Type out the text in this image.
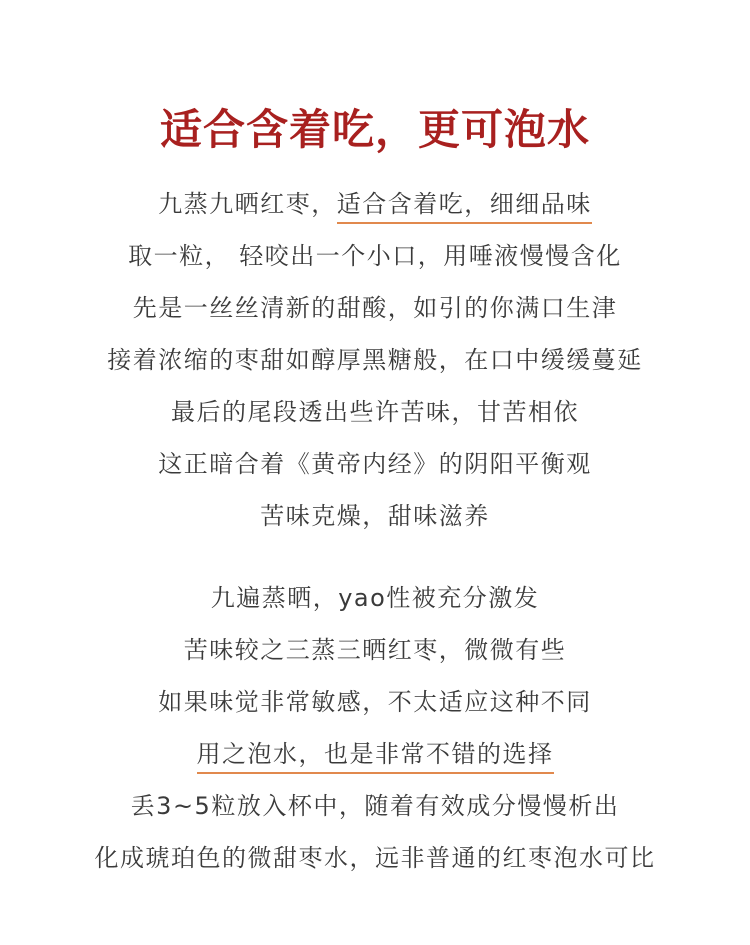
适合含着吃，更可泡水
九蒸九晒红枣，适合含着吃，细细品味
取一粒， 轻咬出一个小口，用唾液慢慢含化
先是一丝丝清新的甜酸，如引的你满口生津
接着浓缩的枣甜如醇厚黑糖般，在口中缓缓蔓延
最后的尾段透出些许苦味，甘苦相依
这正暗合着《黄帝内经》的阴阳平衡观
苦味克燥，甜味滋养
九遍蒸晒，yao性被充分激发
苦味较之三蒸三晒红枣，微微有些
如果味觉非常敏感，不太适应这种不同
用之泡水，也是非常不错的选择
丢3~5粒放入杯中，随着有效成分慢慢析出
化成琥珀色的微甜枣水，远非普通的红枣泡水可比
